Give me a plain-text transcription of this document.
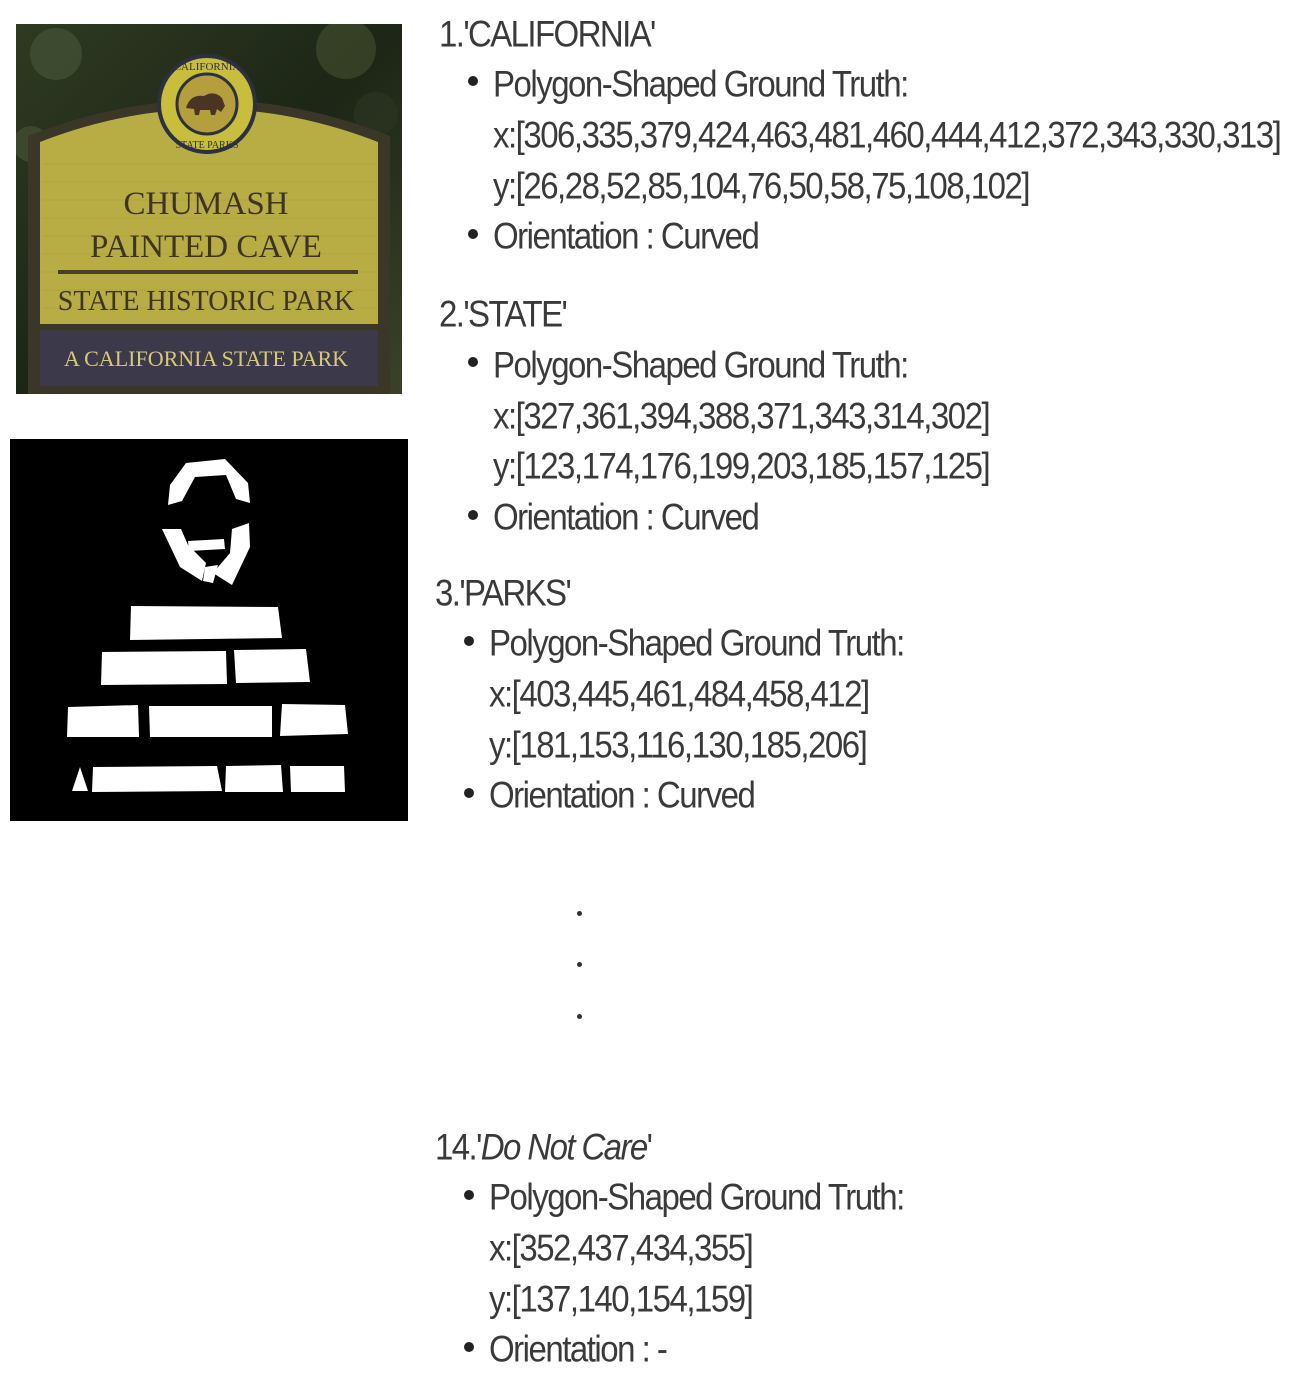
CALIFORNIA
STATE PARKS
CHUMASH
PAINTED CAVE
STATE HISTORIC PARK
A CALIFORNIA STATE PARK
1.'CALIFORNIA'
Polygon-Shaped Ground Truth:
x:[306,335,379,424,463,481,460,444,412,372,343,330,313]
y:[26,28,52,85,104,76,50,58,75,108,102]
Orientation : Curved
2.'STATE'
Polygon-Shaped Ground Truth:
x:[327,361,394,388,371,343,314,302]
y:[123,174,176,199,203,185,157,125]
Orientation : Curved
3.'PARKS'
Polygon-Shaped Ground Truth:
x:[403,445,461,484,458,412]
y:[181,153,116,130,185,206]
Orientation : Curved
14.'Do Not Care'
Polygon-Shaped Ground Truth:
x:[352,437,434,355]
y:[137,140,154,159]
Orientation : -
